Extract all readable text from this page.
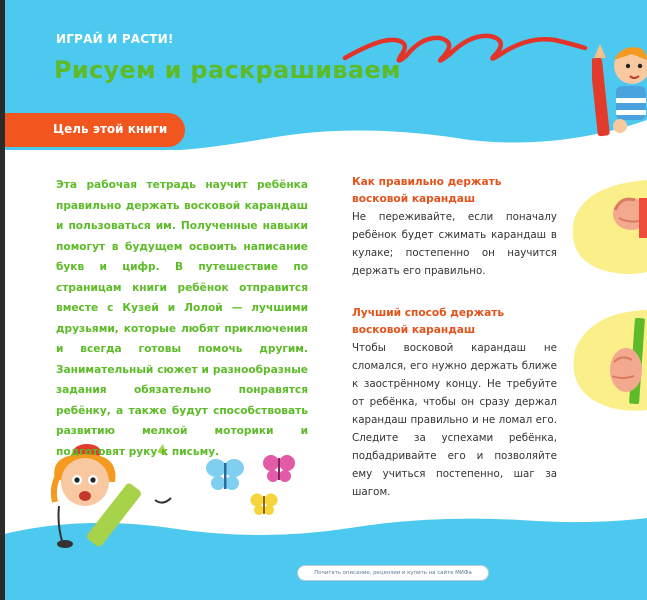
ИГРАЙ И РАСТИ!
Рисуем и раскрашиваем
Цель этой книги
Эта рабочая тетрадь научит ребёнка правильно держать восковой карандаш и пользоваться им. Полученные навыки помогут в будущем освоить написание букв и цифр. В путешествие по страницам книги ребёнок отправится вместе с Кузей и Лолой — лучшими друзьями, которые любят приключения и всегда готовы помочь другим. Занимательный сюжет и разнообразные задания обязательно понравятся ребёнку, а также будут способствовать развитию мелкой моторики и подготовят руку к письму.
Как правильно держать восковой карандаш

Не переживайте, если поначалу ребёнок будет сжимать карандаш в кулаке; постепенно он научится держать его правильно.

Лучший способ держать восковой карандаш

Чтобы восковой карандаш не сломался, его нужно держать ближе к заострённому концу. Не требуйте от ребёнка, чтобы он сразу держал карандаш правильно и не ломал его. Следите за успехами ребёнка, подбадривайте его и позволяйте ему учиться постепенно, шаг за шагом.

Почитать описание, рецензии и купить на сайте МИФа
